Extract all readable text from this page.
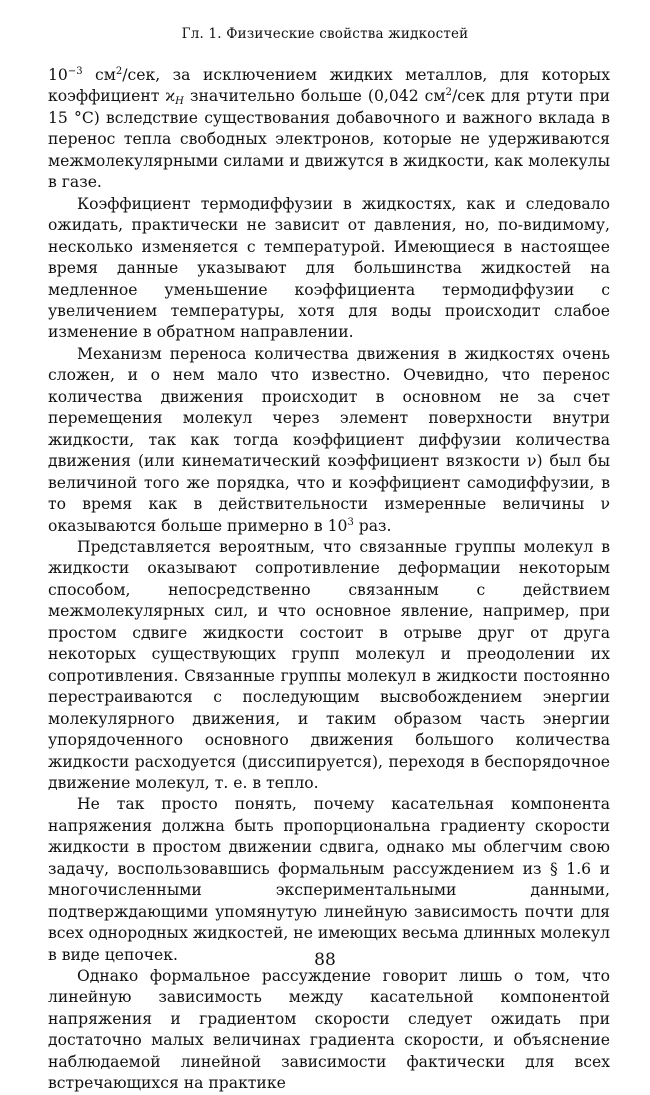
Гл. 1. Физические свойства жидкостей

$10^{-3}$ $см^2$/сек, за исключением жидких металлов, для которых коэффициент $ϰ_H$ значительно больше (0,042 $см^2$/сек для ртути при 15 °С) вследствие существования добавочного и важного вклада в перенос тепла свободных электронов, которые не удерживаются межмолекулярными силами и движутся в жидкости, как молекулы в газе.

Коэффициент термодиффузии в жидкостях, как и следовало ожидать, практически не зависит от давления, но, по-видимому, несколько изменяется с температурой. Имеющиеся в настоящее время данные указывают для большинства жидкостей на медленное уменьшение коэффициента термодиффузии с увеличением температуры, хотя для воды происходит слабое изменение в обратном направлении.

Механизм переноса количества движения в жидкостях очень сложен, и о нем мало что известно. Очевидно, что перенос количества движения происходит в основном не за счет перемещения молекул через элемент поверхности внутри жидкости, так как тогда коэффициент диффузии количества движения (или кинематический коэффициент вязкости ν) был бы величиной того же порядка, что и коэффициент самодиффузии, в то время как в действительности измеренные величины ν оказываются больше примерно в $10^3$ раз.

Представляется вероятным, что связанные группы молекул в жидкости оказывают сопротивление деформации некоторым способом, непосредственно связанным с действием межмолекулярных сил, и что основное явление, например, при простом сдвиге жидкости состоит в отрыве друг от друга некоторых существующих групп молекул и преодолении их сопротивления. Связанные группы молекул в жидкости постоянно перестраиваются с последующим высвобождением энергии молекулярного движения, и таким образом часть энергии упорядоченного основного движения большого количества жидкости расходуется (диссипируется), переходя в беспорядочное движение молекул, т. е. в тепло.

Не так просто понять, почему касательная компонента напряжения должна быть пропорциональна градиенту скорости жидкости в простом движении сдвига, однако мы облегчим свою задачу, воспользовавшись формальным рассуждением из § 1.6 и многочисленными экспериментальными данными, подтверждающими упомянутую линейную зависимость почти для всех однородных жидкостей, не имеющих весьма длинных молекул в виде цепочек.

Однако формальное рассуждение говорит лишь о том, что линейную зависимость между касательной компонентой напряжения и градиентом скорости следует ожидать при достаточно малых величинах градиента скорости, и объяснение наблюдаемой линейной зависимости фактически для всех встречающихся на практике

88
